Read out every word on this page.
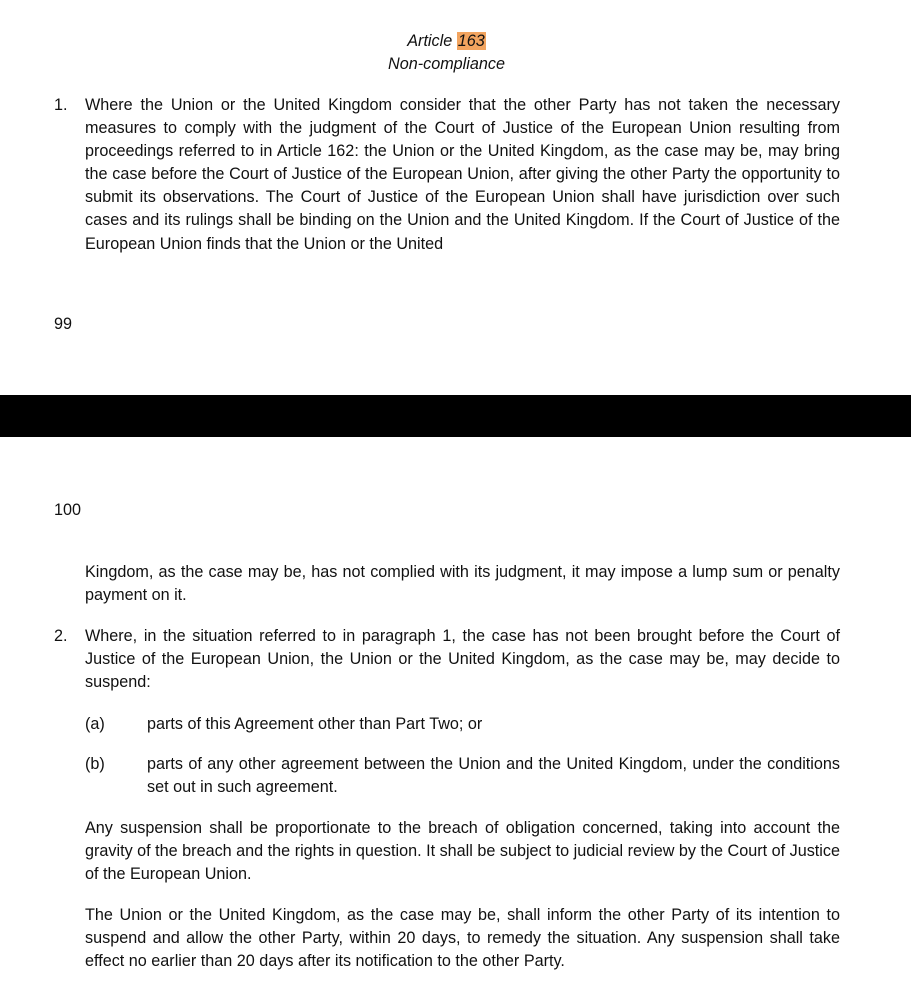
Article 163
Non-compliance
1. Where the Union or the United Kingdom consider that the other Party has not taken the necessary measures to comply with the judgment of the Court of Justice of the European Union resulting from proceedings referred to in Article 162: the Union or the United Kingdom, as the case may be, may bring the case before the Court of Justice of the European Union, after giving the other Party the opportunity to submit its observations. The Court of Justice of the European Union shall have jurisdiction over such cases and its rulings shall be binding on the Union and the United Kingdom. If the Court of Justice of the European Union finds that the Union or the United
99
100
Kingdom, as the case may be, has not complied with its judgment, it may impose a lump sum or penalty payment on it.
2. Where, in the situation referred to in paragraph 1, the case has not been brought before the Court of Justice of the European Union, the Union or the United Kingdom, as the case may be, may decide to suspend:
(a)	parts of this Agreement other than Part Two; or
(b)	parts of any other agreement between the Union and the United Kingdom, under the conditions set out in such agreement.
Any suspension shall be proportionate to the breach of obligation concerned, taking into account the gravity of the breach and the rights in question. It shall be subject to judicial review by the Court of Justice of the European Union.
The Union or the United Kingdom, as the case may be, shall inform the other Party of its intention to suspend and allow the other Party, within 20 days, to remedy the situation. Any suspension shall take effect no earlier than 20 days after its notification to the other Party.
